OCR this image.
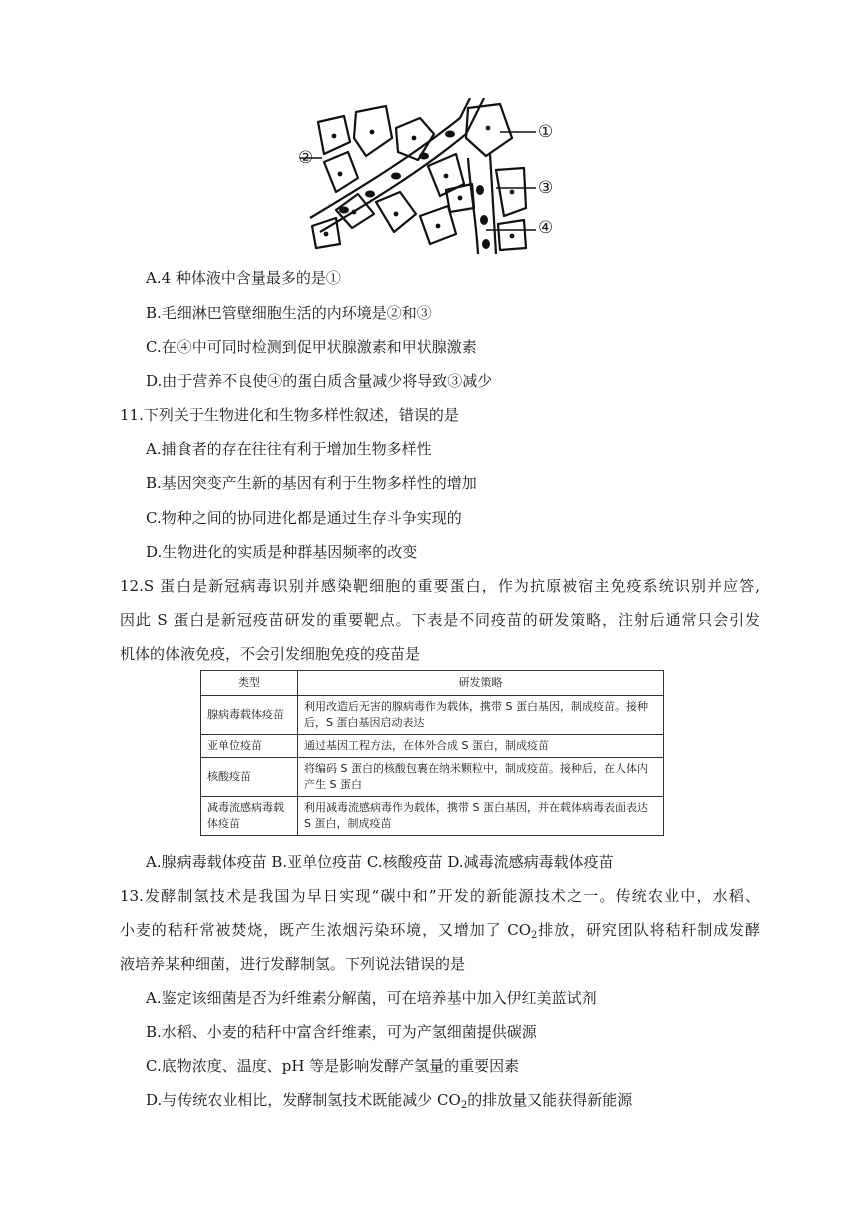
②
①
③
④
A.4 种体液中含量最多的是①
B.毛细淋巴管壁细胞生活的内环境是②和③
C.在④中可同时检测到促甲状腺激素和甲状腺激素
D.由于营养不良使④的蛋白质含量减少将导致③减少
11.下列关于生物进化和生物多样性叙述，错误的是
A.捕食者的存在往往有利于增加生物多样性
B.基因突变产生新的基因有利于生物多样性的增加
C.物种之间的协同进化都是通过生存斗争实现的
D.生物进化的实质是种群基因频率的改变
12.S 蛋白是新冠病毒识别并感染靶细胞的重要蛋白，作为抗原被宿主免疫系统识别并应答,
因此 S 蛋白是新冠疫苗研发的重要靶点。下表是不同疫苗的研发策略，注射后通常只会引发
机体的体液免疫，不会引发细胞免疫的疫苗是
类型	研发策略
腺病毒载体疫苗	利用改造后无害的腺病毒作为载体，携带 S 蛋白基因，制成疫苗。接种后，S 蛋白基因启动表达
亚单位疫苗	通过基因工程方法，在体外合成 S 蛋白，制成疫苗
核酸疫苗	将编码 S 蛋白的核酸包裹在纳米颗粒中，制成疫苗。接种后，在人体内产生 S 蛋白
减毒流感病毒载体疫苗	利用减毒流感病毒作为载体，携带 S 蛋白基因，并在载体病毒表面表达 S 蛋白，制成疫苗
A.腺病毒载体疫苗 B.亚单位疫苗 C.核酸疫苗 D.减毒流感病毒载体疫苗
13.发酵制氢技术是我国为早日实现“碳中和”开发的新能源技术之一。传统农业中，水稻、
小麦的秸秆常被焚烧，既产生浓烟污染环境，又增加了 $CO_2$排放，研究团队将秸秆制成发酵
液培养某种细菌，进行发酵制氢。下列说法错误的是
A.鉴定该细菌是否为纤维素分解菌，可在培养基中加入伊红美蓝试剂
B.水稻、小麦的秸秆中富含纤维素，可为产氢细菌提供碳源
C.底物浓度、温度、pH 等是影响发酵产氢量的重要因素
D.与传统农业相比，发酵制氢技术既能减少 $CO_2$的排放量又能获得新能源
